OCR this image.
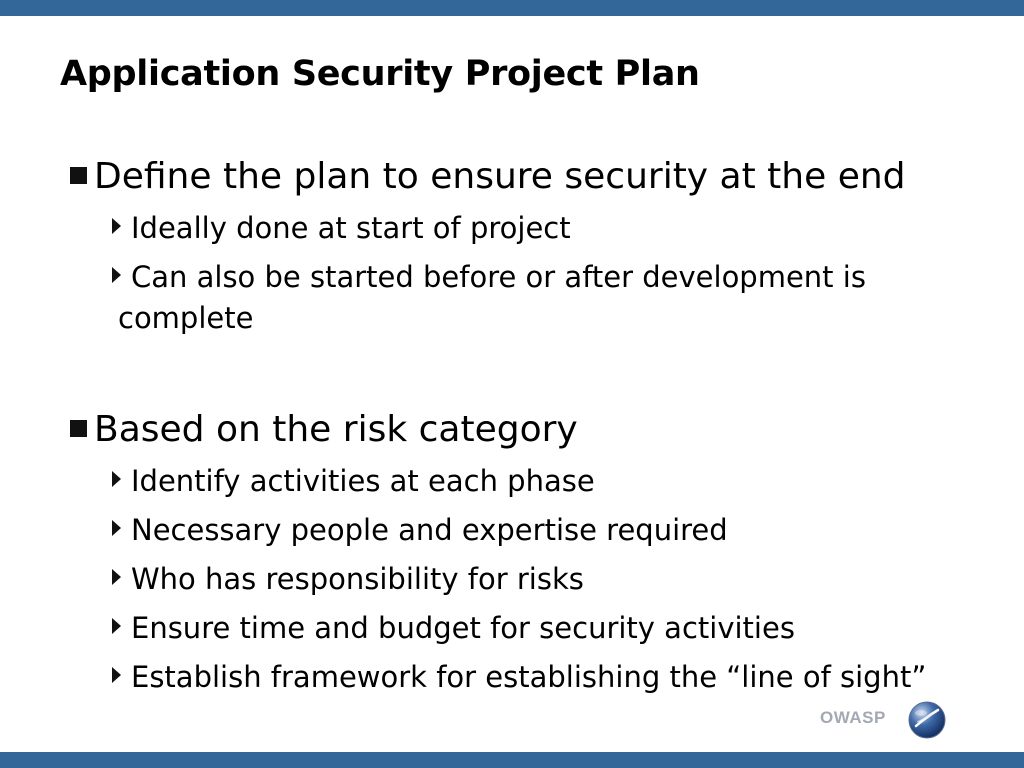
Application Security Project Plan
Define the plan to ensure security at the end
Ideally done at start of project
Can also be started before or after development is
complete
Based on the risk category
Identify activities at each phase
Necessary people and expertise required
Who has responsibility for risks
Ensure time and budget for security activities
Establish framework for establishing the “line of sight”
OWASP
